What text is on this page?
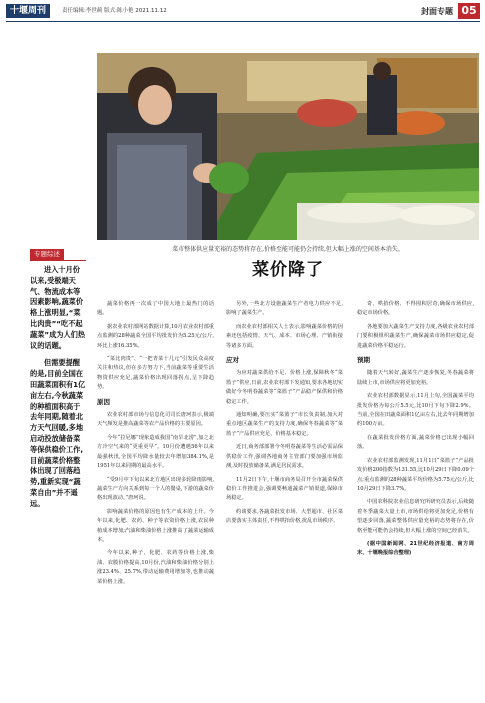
十堰周刊	责任编辑:李世蔺 版式:陈小艳 2021.11.12	封面专题 05
菜市整体供应量充裕的态势将存在,价格至能可能仍会持续,但大幅上涨的空间基本消失。
菜价降了
专题综述

进入十月份以来,受极端天气、物流成本等因素影响,蔬菜价格上涨明显,“菜比肉贵”“吃不起蔬菜”成为人们热议的话题。

但需要提醒的是,目前全国在田蔬菜面积有1亿亩左右,今秋蔬菜的种植面积高于去年同期,随着北方天气回暖,多地启动投放储备菜等保供稳价工作,目前蔬菜价格整体出现了回落趋势,重新实现“蔬菜自由”并不遥远。

蔬菜价格再一次成了中国大地上最热门的话题。

据农业农村部网站数据计算,10月农业农村部重点监测的28种蔬菜全国平均批发价为5.25元/公斤,环比上涨16.35%。

“菜比肉贵”、“一把青菜十几元”引发民众高度关注和热议,但在多方努力下,当前蔬菜等重要生活物资供应充足,蔬菜价格出现回落拐点,呈下降趋势。

原因

农业农村部市场与信息化司司长唐珂表示,极端天气频发是推高蔬菜等农产品价格的主要原因。

今年“拉尼娜”现象造成我国“南旱北涝”,加之北方冷空气来的“更重更早”。10月份遭遇56年以来最强秋汛,全国平均降水量较去年增加384.1%,是1951年以来同期的最高水平。

“受9月中下旬以来北方地区出现多轮降雨影响,蔬菜生产方向关系到每一个人的餐桌,下游的蔬菜价格出现波动。”唐珂说。

影响蔬菜价格的原因也有生产成本的上升。今年以来,化肥、农药、种子等农资价格上涨,农民种植成本增加;汽油和柴油价格上涨推高了蔬菜运输成本。

今年以来,种子、化肥、农药等价格上涨,柴油、农膜价格提高,10月份,汽油和柴油价格分别上涨23.4%、25.7%,带动运输费用增加等,也推动蔬菜价格上涨。

另外,一些北方设施蔬菜生产者电力供应不足,影响了蔬菜生产。

而农业农村部相关人士表示,影响蔬菜价格的因素还包括疫情、天气、成本、市场心理、产销衔接等诸多方面。

应对

为应对蔬菜供给不足、价格上涨,保障秋冬“菜篮子”供应,日前,农业农村部下发通知,要求各地切实做好今冬明春蔬菜等“菜篮子”产品稳产保供和价格稳定工作。

通知明确,要压实“菜篮子”市长负责制,加大对重点地区蔬菜生产的支持力度,确保冬春蔬菜等“菜篮子”产品供应充足、价格基本稳定。

近日,商务部部署今冬明春蔬菜等生活必需品保供稳价工作,强调各地商务主管部门要加强市场监测,及时投放储备菜,满足居民需求。

11月2日下午,十堰市商务局召开全市蔬菜保供稳价工作推进会,强调要畅通蔬菜产销渠道,保障市场稳定。

约谈要求,各蔬菜批发市场、大型超市、社区菜店要落实主体责任,不得哄抬价格,扰乱市场秩序。

奇、哄抬价格、不得囤积居奇,确保市场供应,稳定市场价格。

各地要加大蔬菜生产支持力度,各级农业农村部门要积极组织蔬菜生产,确保蔬菜市场供应稳定,促进蔬菜价格平稳运行。

预期

随着天气转好,蔬菜生产逐步恢复,冬春蔬菜将陆续上市,市场供应将更加充裕。

农业农村部数据显示,11月上旬,全国蔬菜平均批发价格为每公斤5.5元,比10月下旬下降2.9%。当前,全国在田蔬菜面积1亿亩左右,比去年同期增加约100万亩。

在蔬菜批发价格方面,蔬菜价格已出现小幅回落。

农业农村部监测发现,11月1日“菜篮子”产品批发价格200指数为131.55,比10月29日下降0.09个点;重点监测的28种蔬菜平均价格为5.75元/公斤,比10月29日下降3.7%。

中国农科院农业信息研究所研究员表示,后续随着冬季蔬菜大量上市,市场供给将更加充足,价格有望逐步回落,蔬菜整体供应量充裕的态势将存在,价格至能可能仍会持续,但大幅上涨的空间已经消失。

(据中国新闻网、21世纪经济报道、南方周末、十堰晚报综合整理)
